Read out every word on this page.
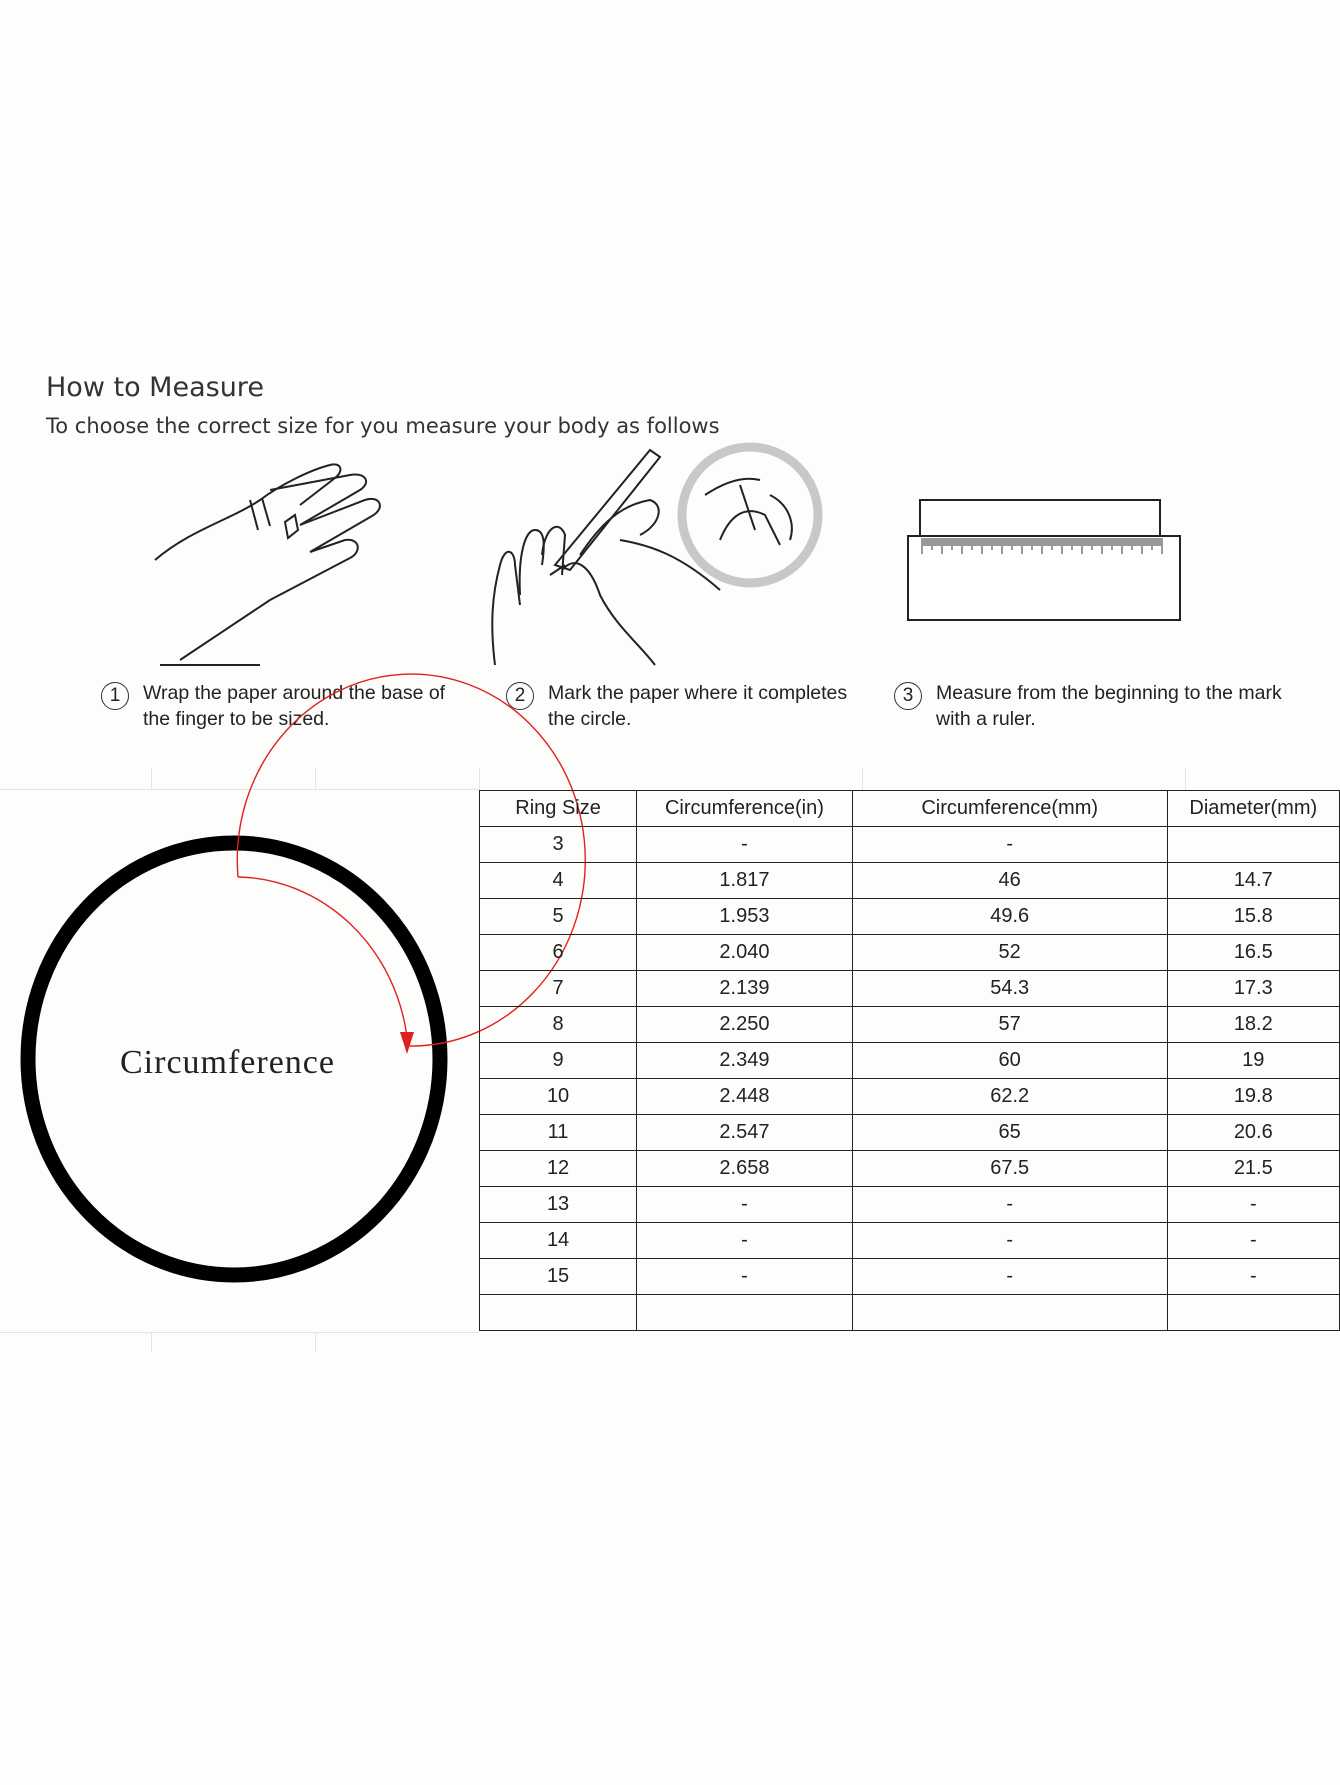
How to Measure
To choose the correct size for you measure your body as follows
1	Wrap the paper around the base of the finger to be sized.
2	Mark the paper where it completes the circle.
3	Measure from the beginning to the mark with a ruler.
Circumference
Ring Size	Circumference(in)	Circumference(mm)	Diameter(mm)
3	-	-	
4	1.817	46	14.7
5	1.953	49.6	15.8
6	2.040	52	16.5
7	2.139	54.3	17.3
8	2.250	57	18.2
9	2.349	60	19
10	2.448	62.2	19.8
11	2.547	65	20.6
12	2.658	67.5	21.5
13	-	-	-
14	-	-	-
15	-	-	-
